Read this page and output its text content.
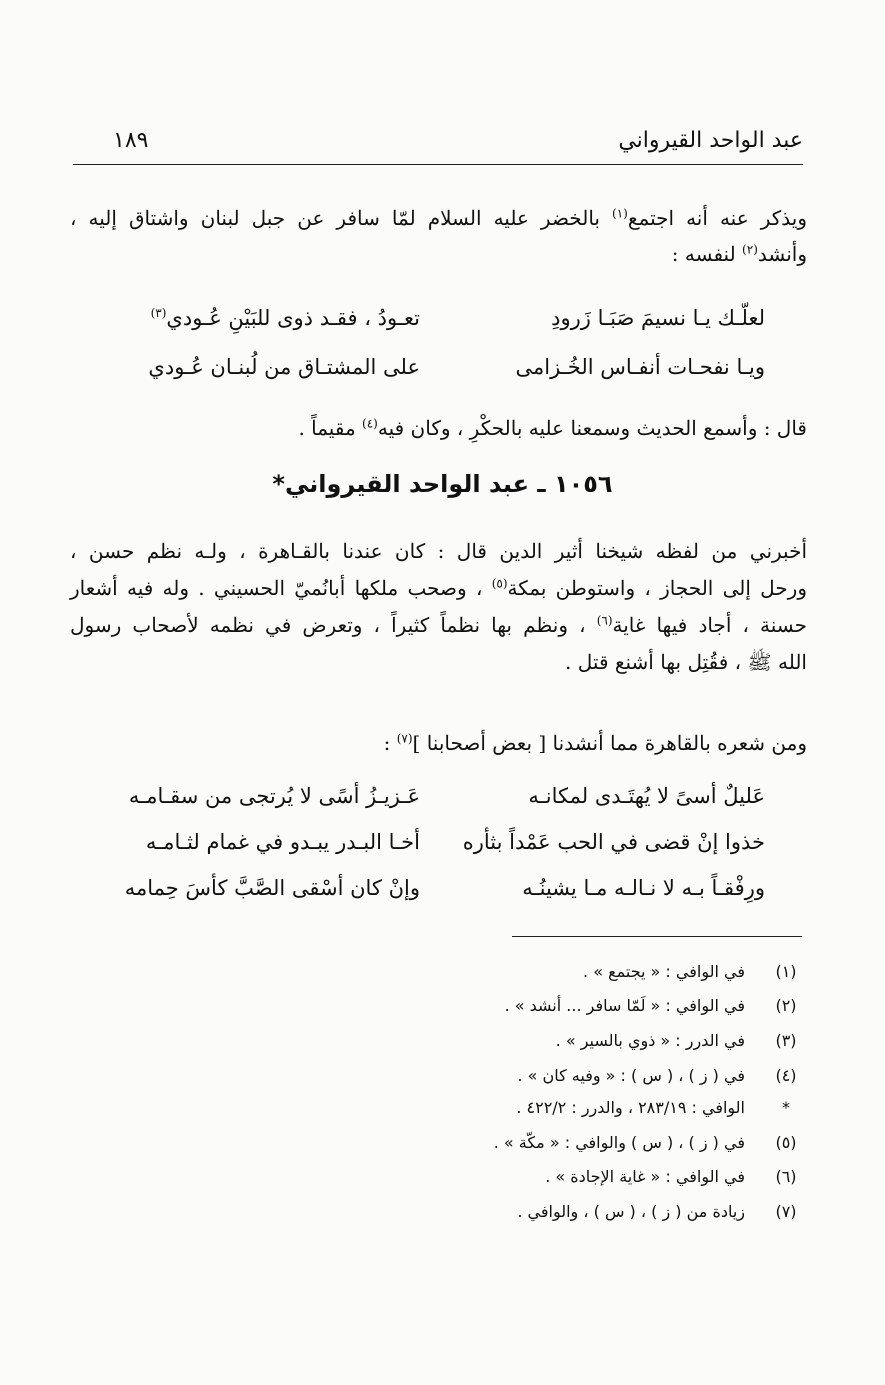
عبد الواحد القيرواني
١٨٩
ويذكر عنه أنه اجتمع$^{(١)}$ بالخضر عليه السلام لمّا سافر عن جبل لبنان واشتاق إليه ،
وأنشد$^{(٢)}$ لنفسه :
لعلّـك يـا نسيمَ صَبَـا زَرودِ
تعـودُ ، فقـد ذوى للبَيْنِ عُـودي$^{(٣)}$
ويـا نفحـات أنفـاس الخُـزامى
على المشتـاق من لُبنـان عُـودي
قال : وأسمع الحديث وسمعنا عليه بالحكْرِ ، وكان فيه$^{(٤)}$ مقيماً .
١٠٥٦ ـ عبد الواحد القيرواني*
أخبرني من لفظه شيخنا أثير الدين قال : كان عندنا بالقـاهرة ، ولـه نظم حسن ،
ورحل إلى الحجاز ، واستوطن بمكة$^{(٥)}$ ، وصحب ملكها أبانُميّ الحسيني . وله فيه أشعار
حسنة ، أجاد فيها غاية$^{(٦)}$ ، ونظم بها نظماً كثيراً ، وتعرض في نظمه لأصحاب رسول
الله ﷺ ، فقُتِل بها أشنع قتل .
ومن شعره بالقاهرة مما أنشدنا [ بعض أصحابنا ]$^{(٧)}$ :
عَليلٌ أسىً لا يُهتَـدى لمكانـه
عَـزيـزُ أسًى لا يُرتجى من سقـامـه
خذوا إنْ قضى في الحب عَمْداً بثأره
أخـا البـدر يبـدو في غمام لثـامـه
ورِفْقـاً بـه لا نـالـه مـا يشينُـه
وإنْ كان أسْقى الصَّبَّ كأسَ حِمامه
(١)
في الوافي : « يجتمع » .
(٢)
في الوافي : « لَمّا سافر ... أنشد » .
(٣)
في الدرر : « ذوي بالسير » .
(٤)
في ( ز ) ، ( س ) : « وفيه كان » .
*
الوافي : ٢٨٣/١٩ ، والدرر : ٤٢٢/٢ .
(٥)
في ( ز ) ، ( س ) والوافي : « مكّة » .
(٦)
في الوافي : « غاية الإجادة » .
(٧)
زيادة من ( ز ) ، ( س ) ، والوافي .
